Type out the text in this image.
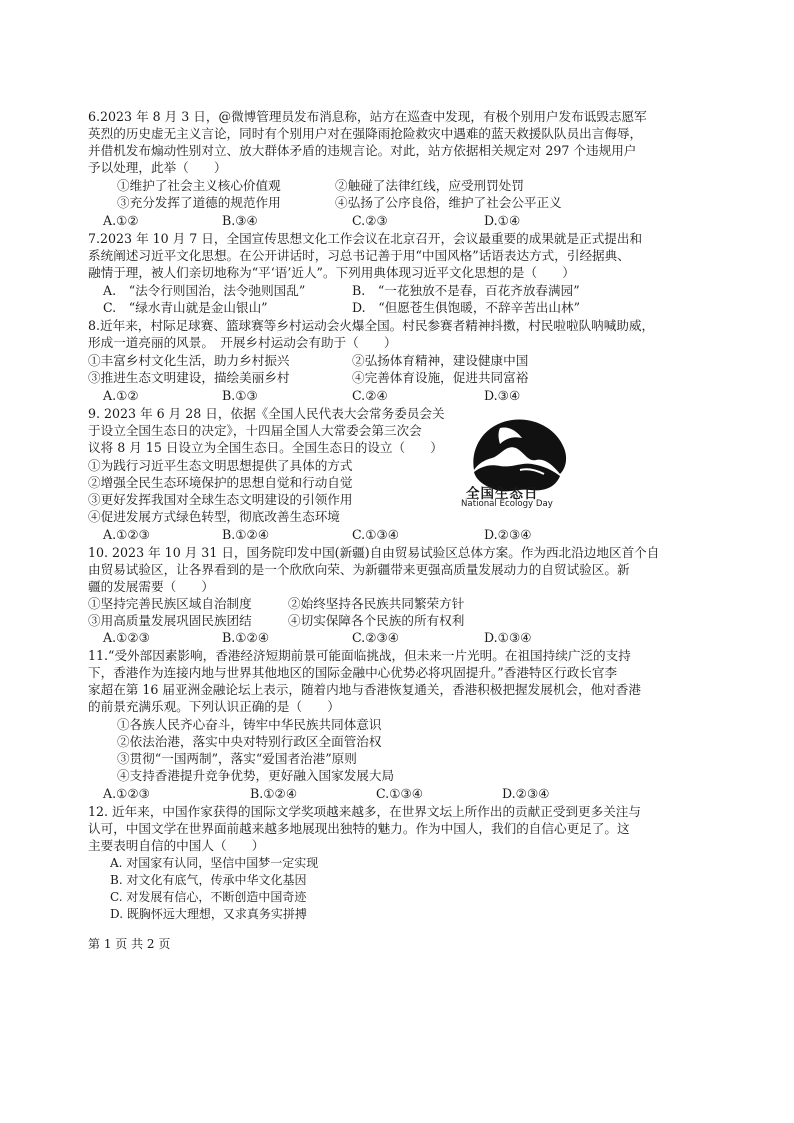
6.2023 年 8 月 3 日，@微博管理员发布消息称，站方在巡查中发现，有极个别用户发布诋毁志愿军
英烈的历史虚无主义言论，同时有个别用户对在强降雨抢险救灾中遇难的蓝天救援队队员出言侮辱，
并借机发布煽动性别对立、放大群体矛盾的违规言论。对此，站方依据相关规定对 297 个违规用户
予以处理，此举（　　）
①维护了社会主义核心价值观	②触碰了法律红线，应受刑罚处罚
③充分发挥了道德的规范作用	④弘扬了公序良俗，维护了社会公平正义
A.①②	B.③④	C.②③	D.①④
7.2023 年 10 月 7 日，全国宣传思想文化工作会议在北京召开，会议最重要的成果就是正式提出和
系统阐述习近平文化思想。在公开讲话时，习总书记善于用“中国风格”话语表达方式，引经据典、
融情于理，被人们亲切地称为“平‘语’近人”。下列用典体现习近平文化思想的是（　　）
A.　“法令行则国治，法令弛则国乱”	B.　“一花独放不是春，百花齐放春满园”
C.　“绿水青山就是金山银山”	D.　“但愿苍生俱饱暖，不辞辛苦出山林”
8.近年来，村际足球赛、篮球赛等乡村运动会火爆全国。村民参赛者精神抖擞，村民啦啦队呐喊助威，
形成一道亮丽的风景。　开展乡村运动会有助于（　　）
①丰富乡村文化生活，助力乡村振兴	②弘扬体育精神，建设健康中国
③推进生态文明建设，描绘美丽乡村	④完善体育设施，促进共同富裕
A.①②	B.①③	C.②④	D.③④
9. 2023 年 6 月 28 日，依据《全国人民代表大会常务委员会关
于设立全国生态日的决定》，十四届全国人大常委会第三次会
议将 8 月 15 日设立为全国生态日。全国生态日的设立（　　）
①为践行习近平生态文明思想提供了具体的方式
②增强全民生态环境保护的思想自觉和行动自觉
③更好发挥我国对全球生态文明建设的引领作用
④促进发展方式绿色转型，彻底改善生态环境
A.①②③	B.①②④	C.①③④	D.②③④
全国生态日
National Ecology Day
10. 2023 年 10 月 31 日，国务院印发中国(新疆)自由贸易试验区总体方案。作为西北沿边地区首个自
由贸易试验区，让各界看到的是一个欣欣向荣、为新疆带来更强高质量发展动力的自贸试验区。新
疆的发展需要（　　）
①坚持完善民族区域自治制度	②始终坚持各民族共同繁荣方针
③用高质量发展巩固民族团结	④切实保障各个民族的所有权利
A.①②③	B.①②④	C.②③④	D.①③④
11.“受外部因素影响，香港经济短期前景可能面临挑战，但未来一片光明。在祖国持续广泛的支持
下，香港作为连接内地与世界其他地区的国际金融中心优势必将巩固提升。”香港特区行政长官李
家超在第 16 届亚洲金融论坛上表示，随着内地与香港恢复通关，香港积极把握发展机会，他对香港
的前景充满乐观。下列认识正确的是（　　）
①各族人民齐心奋斗，铸牢中华民族共同体意识
②依法治港，落实中央对特别行政区全面管治权
③贯彻“一国两制”，落实“爱国者治港”原则
④支持香港提升竞争优势，更好融入国家发展大局
A.①②③	B.①②④	C.①③④	D.②③④
12. 近年来，中国作家获得的国际文学奖项越来越多，在世界文坛上所作出的贡献正受到更多关注与
认可，中国文学在世界面前越来越多地展现出独特的魅力。作为中国人，我们的自信心更足了。这
主要表明自信的中国人（　　）
A. 对国家有认同，坚信中国梦一定实现
B. 对文化有底气，传承中华文化基因
C. 对发展有信心，不断创造中国奇迹
D. 既胸怀远大理想，又求真务实拼搏
第 1 页 共 2 页
